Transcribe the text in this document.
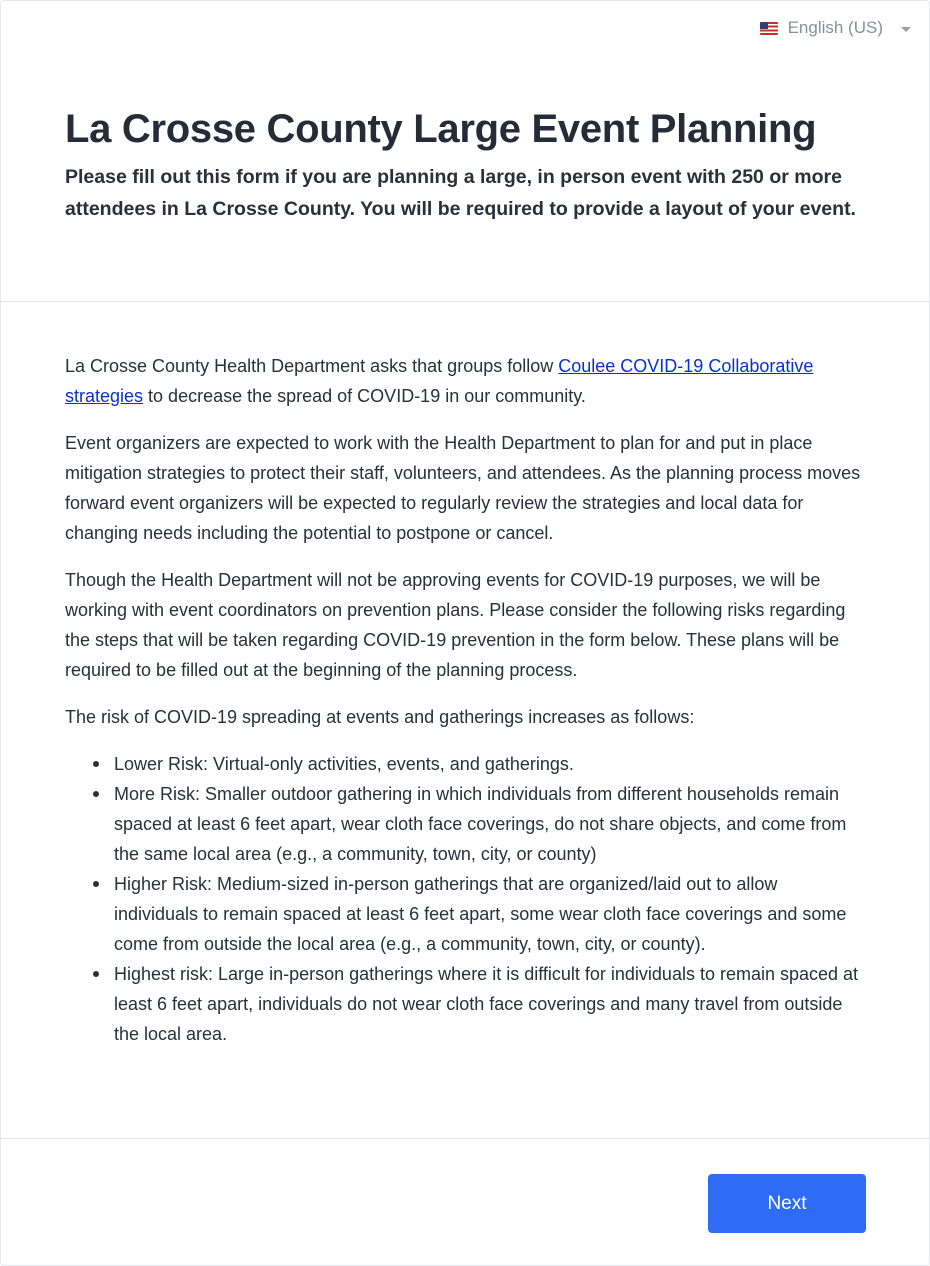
English (US)
La Crosse County Large Event Planning

Please fill out this form if you are planning a large, in person event with 250 or more attendees in La Crosse County. You will be required to provide a layout of your event.

La Crosse County Health Department asks that groups follow Coulee COVID-19 Collaborative strategies to decrease the spread of COVID-19 in our community.

Event organizers are expected to work with the Health Department to plan for and put in place mitigation strategies to protect their staff, volunteers, and attendees. As the planning process moves forward event organizers will be expected to regularly review the strategies and local data for changing needs including the potential to postpone or cancel.

Though the Health Department will not be approving events for COVID-19 purposes, we will be working with event coordinators on prevention plans. Please consider the following risks regarding the steps that will be taken regarding COVID-19 prevention in the form below. These plans will be required to be filled out at the beginning of the planning process.

The risk of COVID-19 spreading at events and gatherings increases as follows:

Lower Risk: Virtual-only activities, events, and gatherings.
More Risk: Smaller outdoor gathering in which individuals from different households remain spaced at least 6 feet apart, wear cloth face coverings, do not share objects, and come from the same local area (e.g., a community, town, city, or county)
Higher Risk: Medium-sized in-person gatherings that are organized/laid out to allow individuals to remain spaced at least 6 feet apart, some wear cloth face coverings and some come from outside the local area (e.g., a community, town, city, or county).
Highest risk: Large in-person gatherings where it is difficult for individuals to remain spaced at least 6 feet apart, individuals do not wear cloth face coverings and many travel from outside the local area.
Next
